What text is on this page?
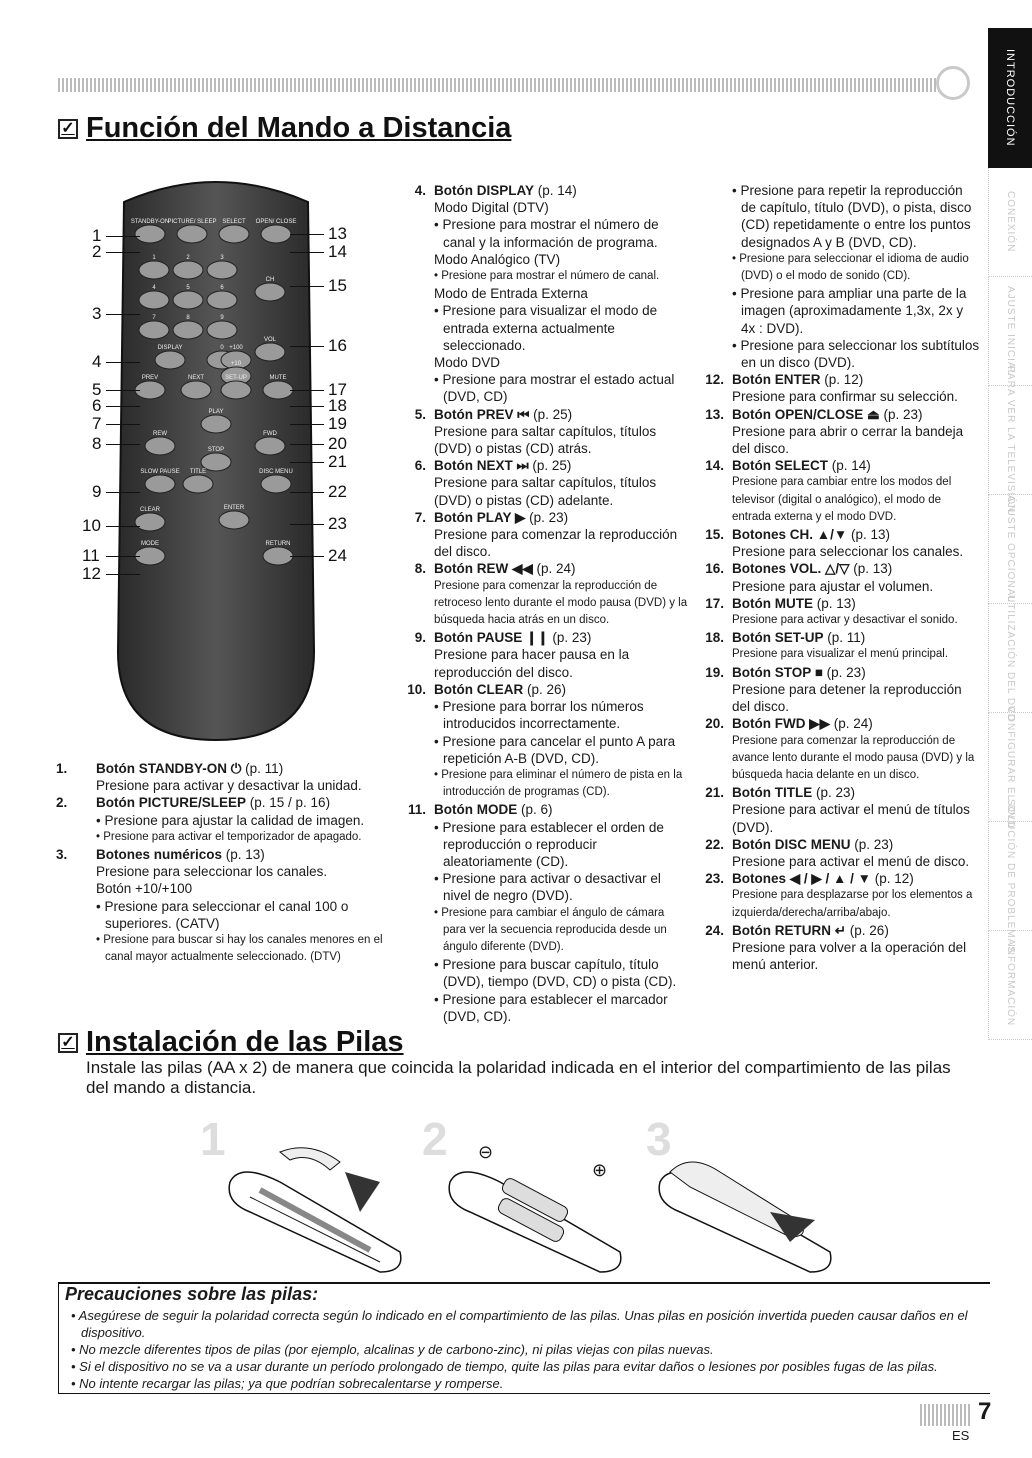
INTRODUCCIÓN
CONEXIÓN
AJUSTE INICIAL
PARA VER LA TELEVISIÓN
AJUSTE OPCIONAL
UTILIZACIÓN DEL DVD
CONFIGURAR EL DVD
SOLUCIÓN DE PROBLEMAS
INFORMACIÓN
✓ Función del Mando a Distancia
STANDBY-ON
PICTURE/ SLEEP SELECT OPEN/ CLOSE
1	2	3
4	5	6
7	8	9
0 +100
+10
CH
VOL
DISPLAY
PREV	NEXT	SET-UP	MUTE
PLAY
REW	FWD
STOP
SLOW PAUSE TITLE	DISC MENU
CLEAR	ENTER
MODE	RETURN
1
2
3
4
5
6
7
8
9
10
11
12
13
14
15
16
17
18
19
20
21
22
23
24
1.	Botón STANDBY-ON ⏻ (p. 11)
Presione para activar y desactivar la unidad.
2.	Botón PICTURE/SLEEP (p. 15 / p. 16)
• Presione para ajustar la calidad de imagen.
• Presione para activar el temporizador de apagado.
3.	Botones numéricos (p. 13)
Presione para seleccionar los canales.
Botón +10/+100
• Presione para seleccionar el canal 100 o superiores. (CATV)
• Presione para buscar si hay los canales menores en el canal mayor actualmente seleccionado. (DTV)
4. Botón DISPLAY (p. 14)
Modo Digital (DTV)
• Presione para mostrar el número de canal y la información de programa.
Modo Analógico (TV)
• Presione para mostrar el número de canal.
Modo de Entrada Externa
• Presione para visualizar el modo de entrada externa actualmente seleccionado.
Modo DVD
• Presione para mostrar el estado actual (DVD, CD)
5. Botón PREV ⏮ (p. 25)
Presione para saltar capítulos, títulos (DVD) o pistas (CD) atrás.
6. Botón NEXT ⏭ (p. 25)
Presione para saltar capítulos, títulos (DVD) o pistas (CD) adelante.
7. Botón PLAY ▶ (p. 23)
Presione para comenzar la reproducción del disco.
8. Botón REW ◀◀ (p. 24)
Presione para comenzar la reproducción de retroceso lento durante el modo pausa (DVD) y la búsqueda hacia atrás en un disco.
9. Botón PAUSE ❙❙ (p. 23)
Presione para hacer pausa en la reproducción del disco.
10. Botón CLEAR (p. 26)
• Presione para borrar los números introducidos incorrectamente.
• Presione para cancelar el punto A para repetición A-B (DVD, CD).
• Presione para eliminar el número de pista en la introducción de programas (CD).
11. Botón MODE (p. 6)
• Presione para establecer el orden de reproducción o reproducir aleatoriamente (CD).
• Presione para activar o desactivar el nivel de negro (DVD).
• Presione para cambiar el ángulo de cámara para ver la secuencia reproducida desde un ángulo diferente (DVD).
• Presione para buscar capítulo, título (DVD), tiempo (DVD, CD) o pista (CD).
• Presione para establecer el marcador (DVD, CD).
• Presione para repetir la reproducción de capítulo, título (DVD), o pista, disco (CD) repetidamente o entre los puntos designados A y B (DVD, CD).
• Presione para seleccionar el idioma de audio (DVD) o el modo de sonido (CD).
• Presione para ampliar una parte de la imagen (aproximadamente 1,3x, 2x y 4x : DVD).
• Presione para seleccionar los subtítulos en un disco (DVD).
12. Botón ENTER (p. 12)
Presione para confirmar su selección.
13. Botón OPEN/CLOSE ⏏ (p. 23)
Presione para abrir o cerrar la bandeja del disco.
14. Botón SELECT (p. 14)
Presione para cambiar entre los modos del televisor (digital o analógico), el modo de entrada externa y el modo DVD.
15. Botones CH. ▲/▼ (p. 13)
Presione para seleccionar los canales.
16. Botones VOL. △/▽ (p. 13)
Presione para ajustar el volumen.
17. Botón MUTE (p. 13)
Presione para activar y desactivar el sonido.
18. Botón SET-UP (p. 11)
Presione para visualizar el menú principal.
19. Botón STOP ■ (p. 23)
Presione para detener la reproducción del disco.
20. Botón FWD ▶▶ (p. 24)
Presione para comenzar la reproducción de avance lento durante el modo pausa (DVD) y la búsqueda hacia delante en un disco.
21. Botón TITLE (p. 23)
Presione para activar el menú de títulos (DVD).
22. Botón DISC MENU (p. 23)
Presione para activar el menú de disco.
23. Botones ◀ / ▶ / ▲ / ▼ (p. 12)
Presione para desplazarse por los elementos a izquierda/derecha/arriba/abajo.
24. Botón RETURN ↵ (p. 26)
Presione para volver a la operación del menú anterior.
✓ Instalación de las Pilas
Instale las pilas (AA x 2) de manera que coincida la polaridad indicada en el interior del compartimiento de las pilas del mando a distancia.
1	2	3
⊖
⊕
Precauciones sobre las pilas:
• Asegúrese de seguir la polaridad correcta según lo indicado en el compartimiento de las pilas. Unas pilas en posición invertida pueden causar daños en el dispositivo.
• No mezcle diferentes tipos de pilas (por ejemplo, alcalinas y de carbono-zinc), ni pilas viejas con pilas nuevas.
• Si el dispositivo no se va a usar durante un período prolongado de tiempo, quite las pilas para evitar daños o lesiones por posibles fugas de las pilas.
• No intente recargar las pilas; ya que podrían sobrecalentarse y romperse.
7
ES
